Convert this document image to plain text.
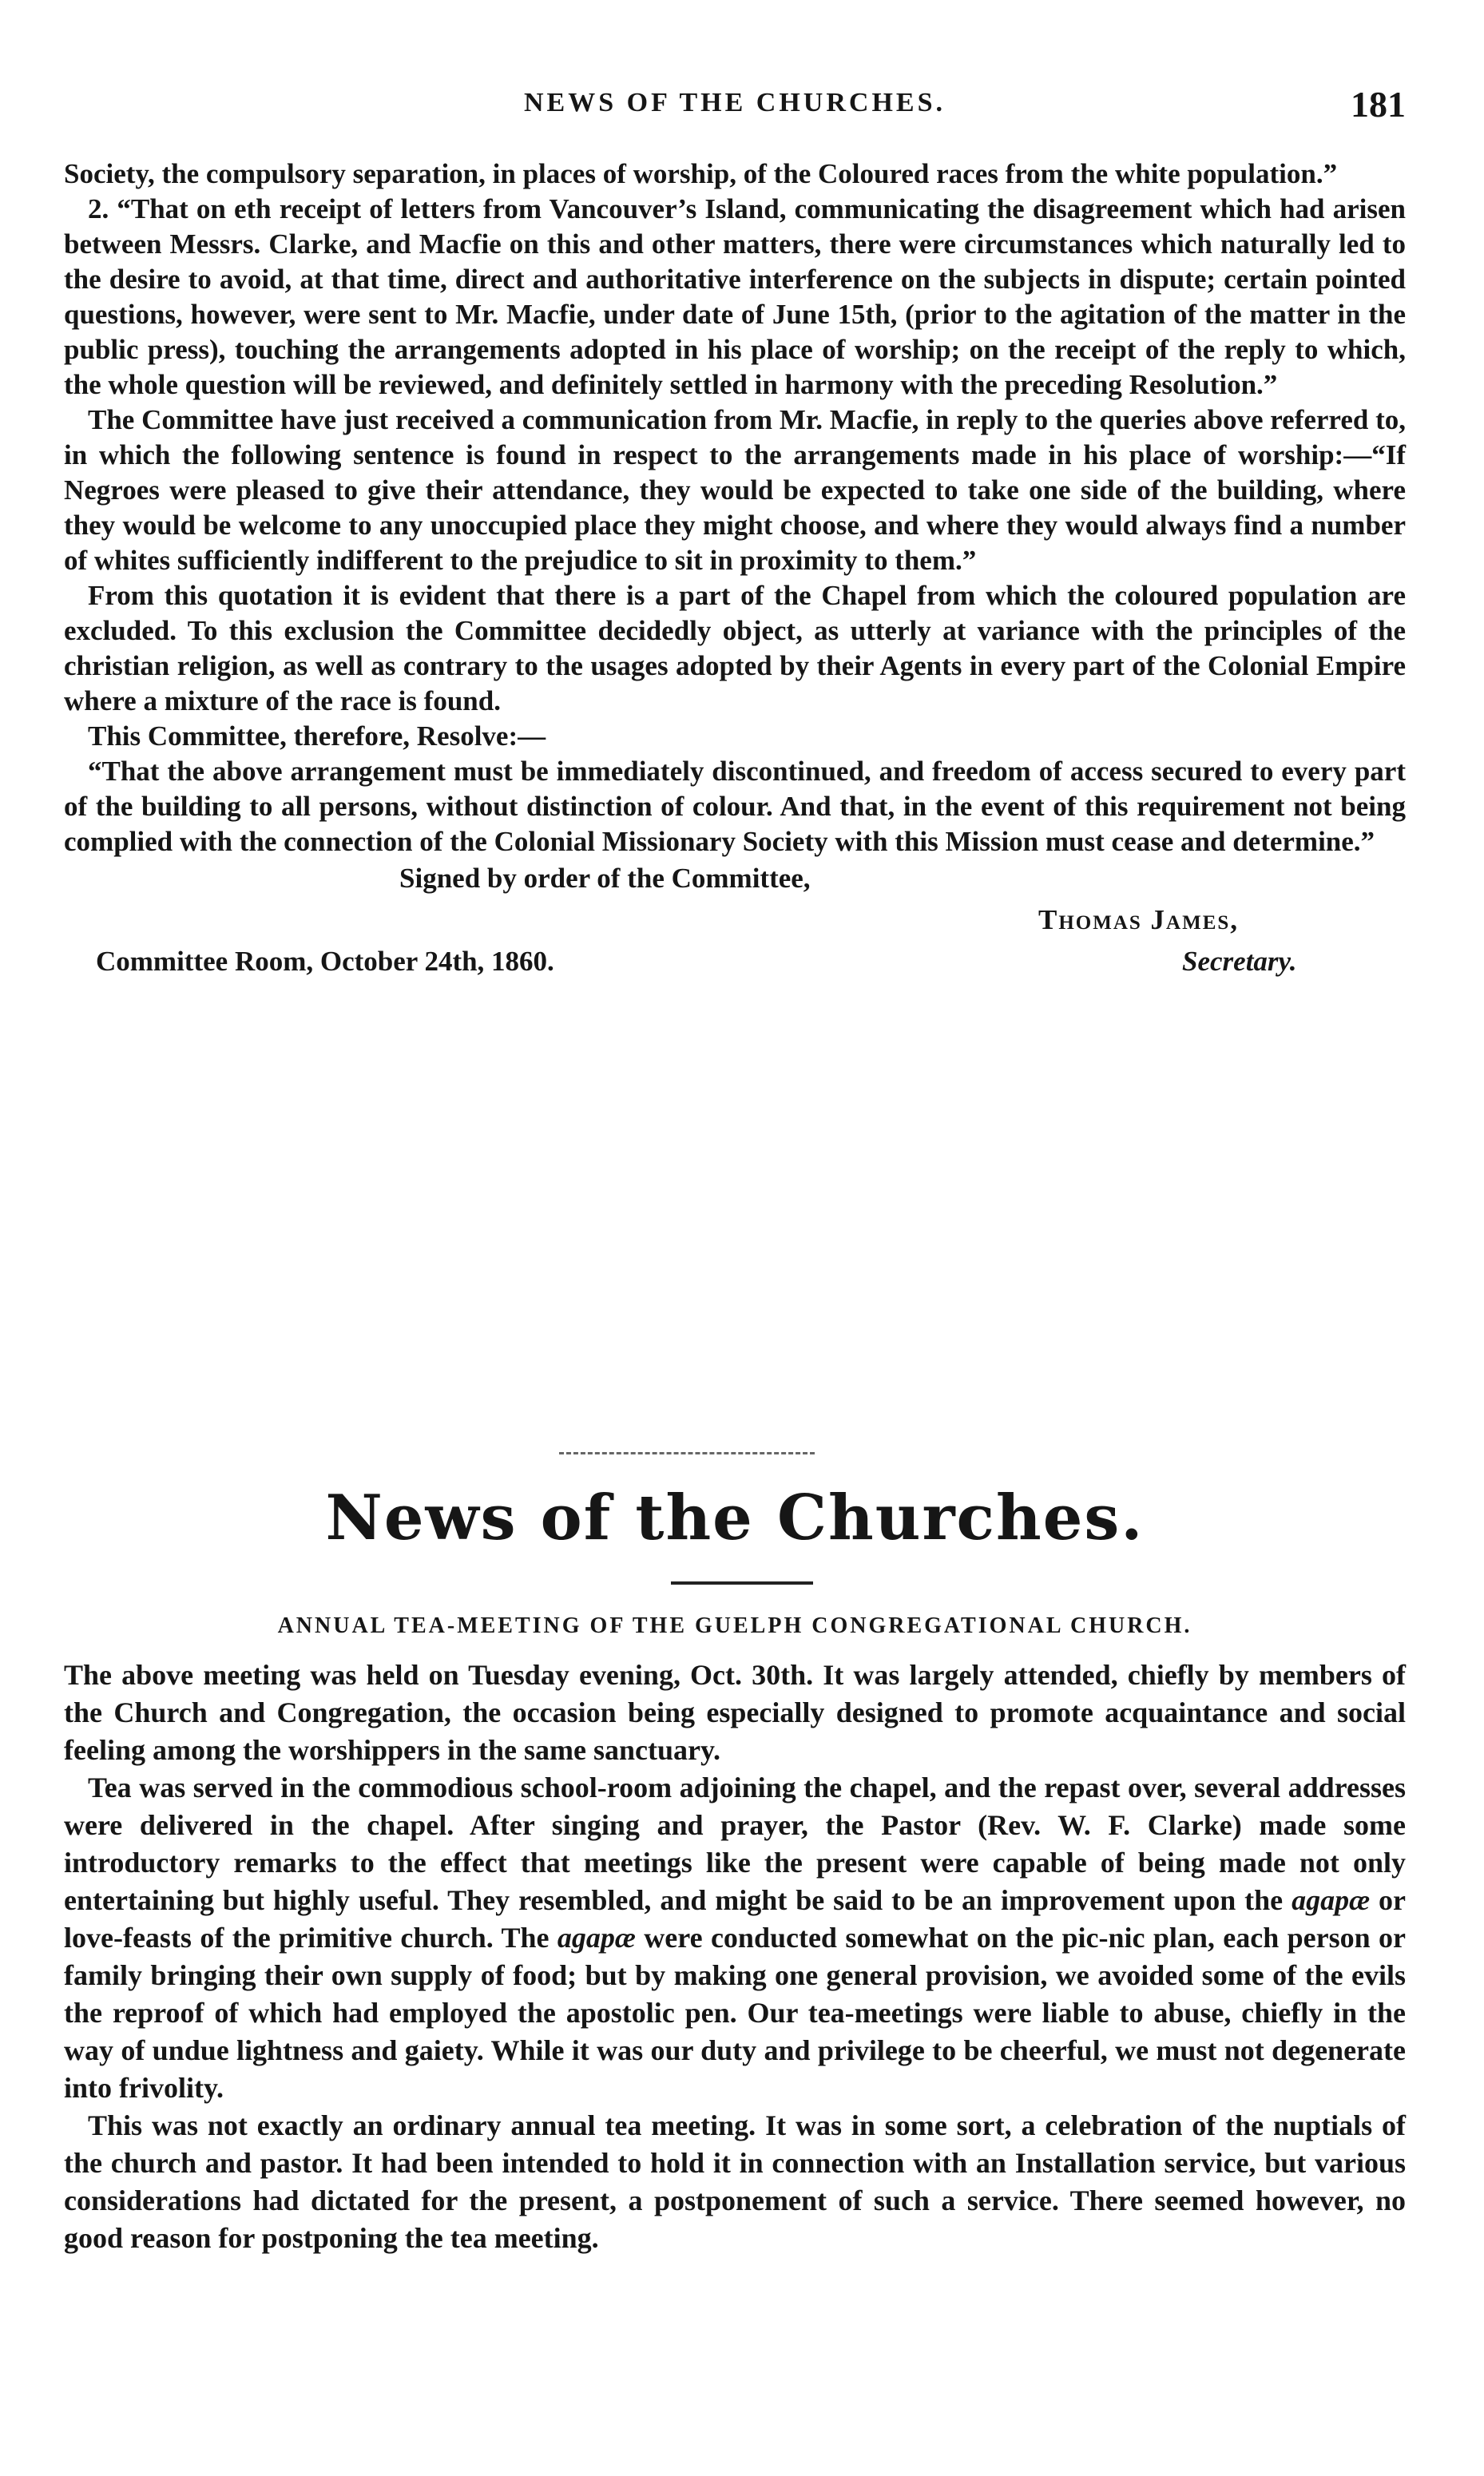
NEWS OF THE CHURCHES.	181

Society, the compulsory separation, in places of worship, of the Coloured races from the white population.”

2. “That on eth receipt of letters from Vancouver’s Island, communicating the disagreement which had arisen between Messrs. Clarke, and Macfie on this and other matters, there were circumstances which naturally led to the desire to avoid, at that time, direct and authoritative interference on the subjects in dispute; certain pointed questions, however, were sent to Mr. Macfie, under date of June 15th, (prior to the agitation of the matter in the public press), touching the arrangements adopted in his place of worship; on the receipt of the reply to which, the whole question will be reviewed, and definitely settled in harmony with the preceding Resolution.”

The Committee have just received a communication from Mr. Macfie, in reply to the queries above referred to, in which the following sentence is found in respect to the arrangements made in his place of worship:—“If Negroes were pleased to give their attendance, they would be expected to take one side of the building, where they would be welcome to any unoccupied place they might choose, and where they would always find a number of whites sufficiently indifferent to the prejudice to sit in proximity to them.”

From this quotation it is evident that there is a part of the Chapel from which the coloured population are excluded. To this exclusion the Committee decidedly object, as utterly at variance with the principles of the christian religion, as well as contrary to the usages adopted by their Agents in every part of the Colonial Empire where a mixture of the race is found.

This Committee, therefore, Resolve:—

“That the above arrangement must be immediately discontinued, and freedom of access secured to every part of the building to all persons, without distinction of colour. And that, in the event of this requirement not being complied with the connection of the Colonial Missionary Society with this Mission must cease and determine.”

Signed by order of the Committee,
Thomas James,
Committee Room, October 24th, 1860.	Secretary.
News of the Churches.
ANNUAL TEA-MEETING OF THE GUELPH CONGREGATIONAL CHURCH.

The above meeting was held on Tuesday evening, Oct. 30th. It was largely attended, chiefly by members of the Church and Congregation, the occasion being especially designed to promote acquaintance and social feeling among the worshippers in the same sanctuary.

Tea was served in the commodious school-room adjoining the chapel, and the repast over, several addresses were delivered in the chapel. After singing and prayer, the Pastor (Rev. W. F. Clarke) made some introductory remarks to the effect that meetings like the present were capable of being made not only entertaining but highly useful. They resembled, and might be said to be an improvement upon the agapæ or love-feasts of the primitive church. The agapæ were conducted somewhat on the pic-nic plan, each person or family bringing their own supply of food; but by making one general provision, we avoided some of the evils the reproof of which had employed the apostolic pen. Our tea-meetings were liable to abuse, chiefly in the way of undue lightness and gaiety. While it was our duty and privilege to be cheerful, we must not degenerate into frivolity.

This was not exactly an ordinary annual tea meeting. It was in some sort, a celebration of the nuptials of the church and pastor. It had been intended to hold it in connection with an Installation service, but various considerations had dictated for the present, a postponement of such a service. There seemed however, no good reason for postponing the tea meeting.
